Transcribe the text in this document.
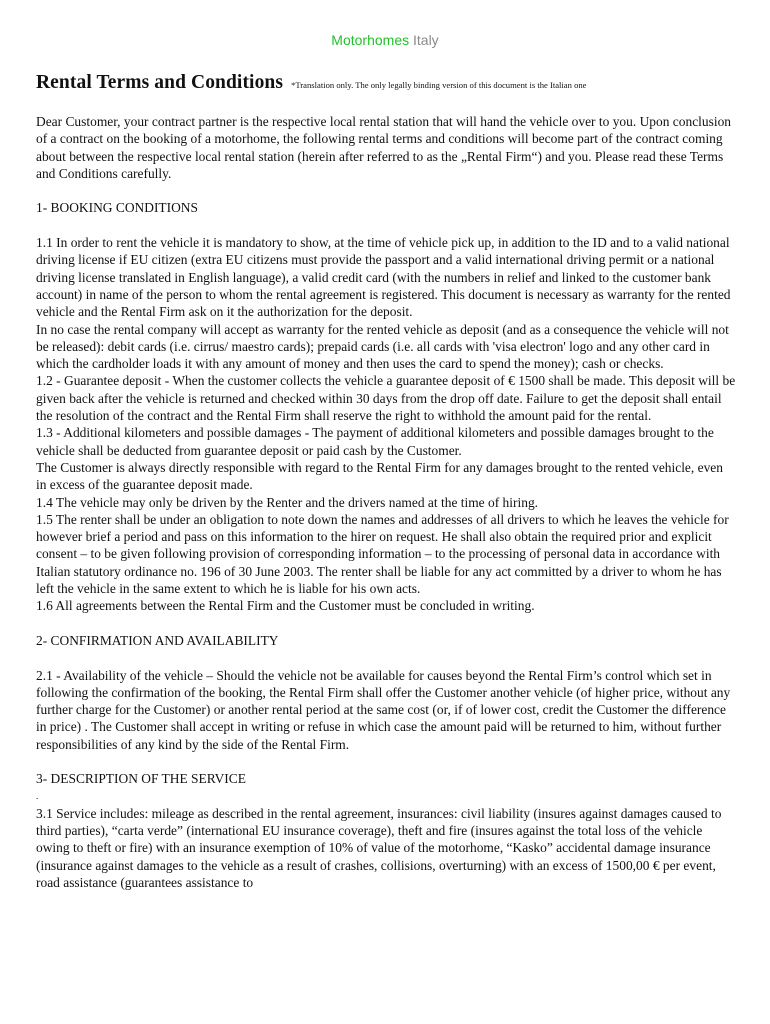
Motorhomes Italy
Rental Terms and Conditions *Translation only. The only legally binding version of this document is the Italian one

Dear Customer, your contract partner is the respective local rental station that will hand the vehicle over to you. Upon conclusion of a contract on the booking of a motorhome, the following rental terms and conditions will become part of the contract coming about between the respective local rental station (herein after referred to as the „Rental Firm“) and you. Please read these Terms and Conditions carefully.

1- BOOKING CONDITIONS

1.1 In order to rent the vehicle it is mandatory to show, at the time of vehicle pick up, in addition to the ID and to a valid national driving license if EU citizen (extra EU citizens must provide the passport and a valid international driving permit or a national driving license translated in English language), a valid credit card (with the numbers in relief and linked to the customer bank account) in name of the person to whom the rental agreement is registered. This document is necessary as warranty for the rented vehicle and the Rental Firm ask on it the authorization for the deposit.

In no case the rental company will accept as warranty for the rented vehicle as deposit (and as a consequence the vehicle will not be released): debit cards (i.e. cirrus/ maestro cards); prepaid cards (i.e. all cards with 'visa electron' logo and any other card in which the cardholder loads it with any amount of money and then uses the card to spend the money); cash or checks.

1.2 - Guarantee deposit - When the customer collects the vehicle a guarantee deposit of € 1500 shall be made. This deposit will be given back after the vehicle is returned and checked within 30 days from the drop off date. Failure to get the deposit shall entail the resolution of the contract and the Rental Firm shall reserve the right to withhold the amount paid for the rental.

1.3 - Additional kilometers and possible damages - The payment of additional kilometers and possible damages brought to the vehicle shall be deducted from guarantee deposit or paid cash by the Customer.

The Customer is always directly responsible with regard to the Rental Firm for any damages brought to the rented vehicle, even in excess of the guarantee deposit made.

1.4 The vehicle may only be driven by the Renter and the drivers named at the time of hiring.

1.5 The renter shall be under an obligation to note down the names and addresses of all drivers to which he leaves the vehicle for however brief a period and pass on this information to the hirer on request. He shall also obtain the required prior and explicit consent – to be given following provision of corresponding information – to the processing of personal data in accordance with Italian statutory ordinance no. 196 of 30 June 2003. The renter shall be liable for any act committed by a driver to whom he has left the vehicle in the same extent to which he is liable for his own acts.

1.6 All agreements between the Rental Firm and the Customer must be concluded in writing.

2- CONFIRMATION AND AVAILABILITY

2.1 - Availability of the vehicle – Should the vehicle not be available for causes beyond the Rental Firm’s control which set in following the confirmation of the booking, the Rental Firm shall offer the Customer another vehicle (of higher price, without any further charge for the Customer) or another rental period at the same cost (or, if of lower cost, credit the Customer the difference in price) . The Customer shall accept in writing or refuse in which case the amount paid will be returned to him, without further responsibilities of any kind by the side of the Rental Firm.

3- DESCRIPTION OF THE SERVICE

.

3.1 Service includes: mileage as described in the rental agreement, insurances: civil liability (insures against damages caused to third parties), “carta verde” (international EU insurance coverage), theft and fire (insures against the total loss of the vehicle owing to theft or fire) with an insurance exemption of 10% of value of the motorhome, “Kasko” accidental damage insurance (insurance against damages to the vehicle as a result of crashes, collisions, overturning) with an excess of 1500,00 € per event, road assistance (guarantees assistance to
